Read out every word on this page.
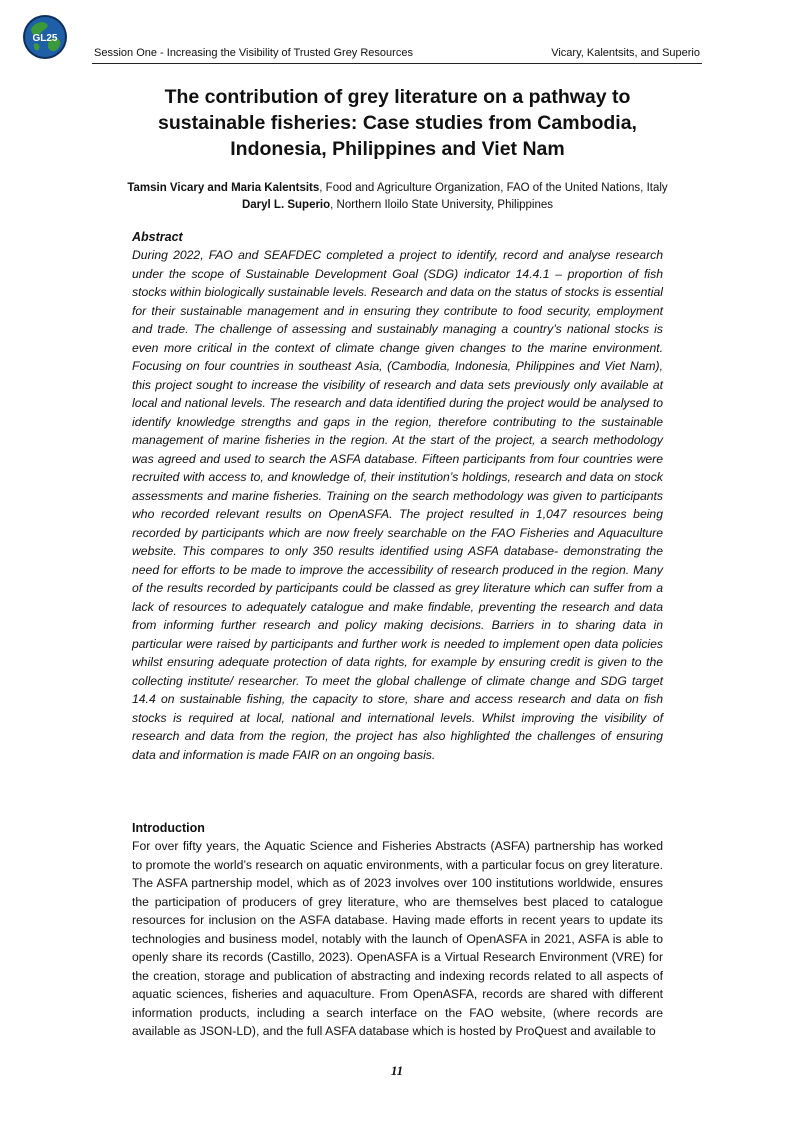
GL25
Session One - Increasing the Visibility of Trusted Grey Resources	Vicary, Kalentsits, and Superio
The contribution of grey literature on a pathway to
sustainable fisheries: Case studies from Cambodia,
Indonesia, Philippines and Viet Nam
Tamsin Vicary and Maria Kalentsits, Food and Agriculture Organization, FAO of the United Nations, Italy
Daryl L. Superio, Northern Iloilo State University, Philippines
Abstract

During 2022, FAO and SEAFDEC completed a project to identify, record and analyse research under the scope of Sustainable Development Goal (SDG) indicator 14.4.1 – proportion of fish stocks within biologically sustainable levels. Research and data on the status of stocks is essential for their sustainable management and in ensuring they contribute to food security, employment and trade. The challenge of assessing and sustainably managing a country’s national stocks is even more critical in the context of climate change given changes to the marine environment. Focusing on four countries in southeast Asia, (Cambodia, Indonesia, Philippines and Viet Nam), this project sought to increase the visibility of research and data sets previously only available at local and national levels. The research and data identified during the project would be analysed to identify knowledge strengths and gaps in the region, therefore contributing to the sustainable management of marine fisheries in the region. At the start of the project, a search methodology was agreed and used to search the ASFA database. Fifteen participants from four countries were recruited with access to, and knowledge of, their institution’s holdings, research and data on stock assessments and marine fisheries. Training on the search methodology was given to participants who recorded relevant results on OpenASFA. The project resulted in 1,047 resources being recorded by participants which are now freely searchable on the FAO Fisheries and Aquaculture website. This compares to only 350 results identified using ASFA database- demonstrating the need for efforts to be made to improve the accessibility of research produced in the region. Many of the results recorded by participants could be classed as grey literature which can suffer from a lack of resources to adequately catalogue and make findable, preventing the research and data from informing further research and policy making decisions. Barriers in to sharing data in particular were raised by participants and further work is needed to implement open data policies whilst ensuring adequate protection of data rights, for example by ensuring credit is given to the collecting institute/ researcher. To meet the global challenge of climate change and SDG target 14.4 on sustainable fishing, the capacity to store, share and access research and data on fish stocks is required at local, national and international levels. Whilst improving the visibility of research and data from the region, the project has also highlighted the challenges of ensuring data and information is made FAIR on an ongoing basis.

Introduction

For over fifty years, the Aquatic Science and Fisheries Abstracts (ASFA) partnership has worked to promote the world’s research on aquatic environments, with a particular focus on grey literature. The ASFA partnership model, which as of 2023 involves over 100 institutions worldwide, ensures the participation of producers of grey literature, who are themselves best placed to catalogue resources for inclusion on the ASFA database. Having made efforts in recent years to update its technologies and business model, notably with the launch of OpenASFA in 2021, ASFA is able to openly share its records (Castillo, 2023). OpenASFA is a Virtual Research Environment (VRE) for the creation, storage and publication of abstracting and indexing records related to all aspects of aquatic sciences, fisheries and aquaculture. From OpenASFA, records are shared with different information products, including a search interface on the FAO website, (where records are available as JSON-LD), and the full ASFA database which is hosted by ProQuest and available to

11
